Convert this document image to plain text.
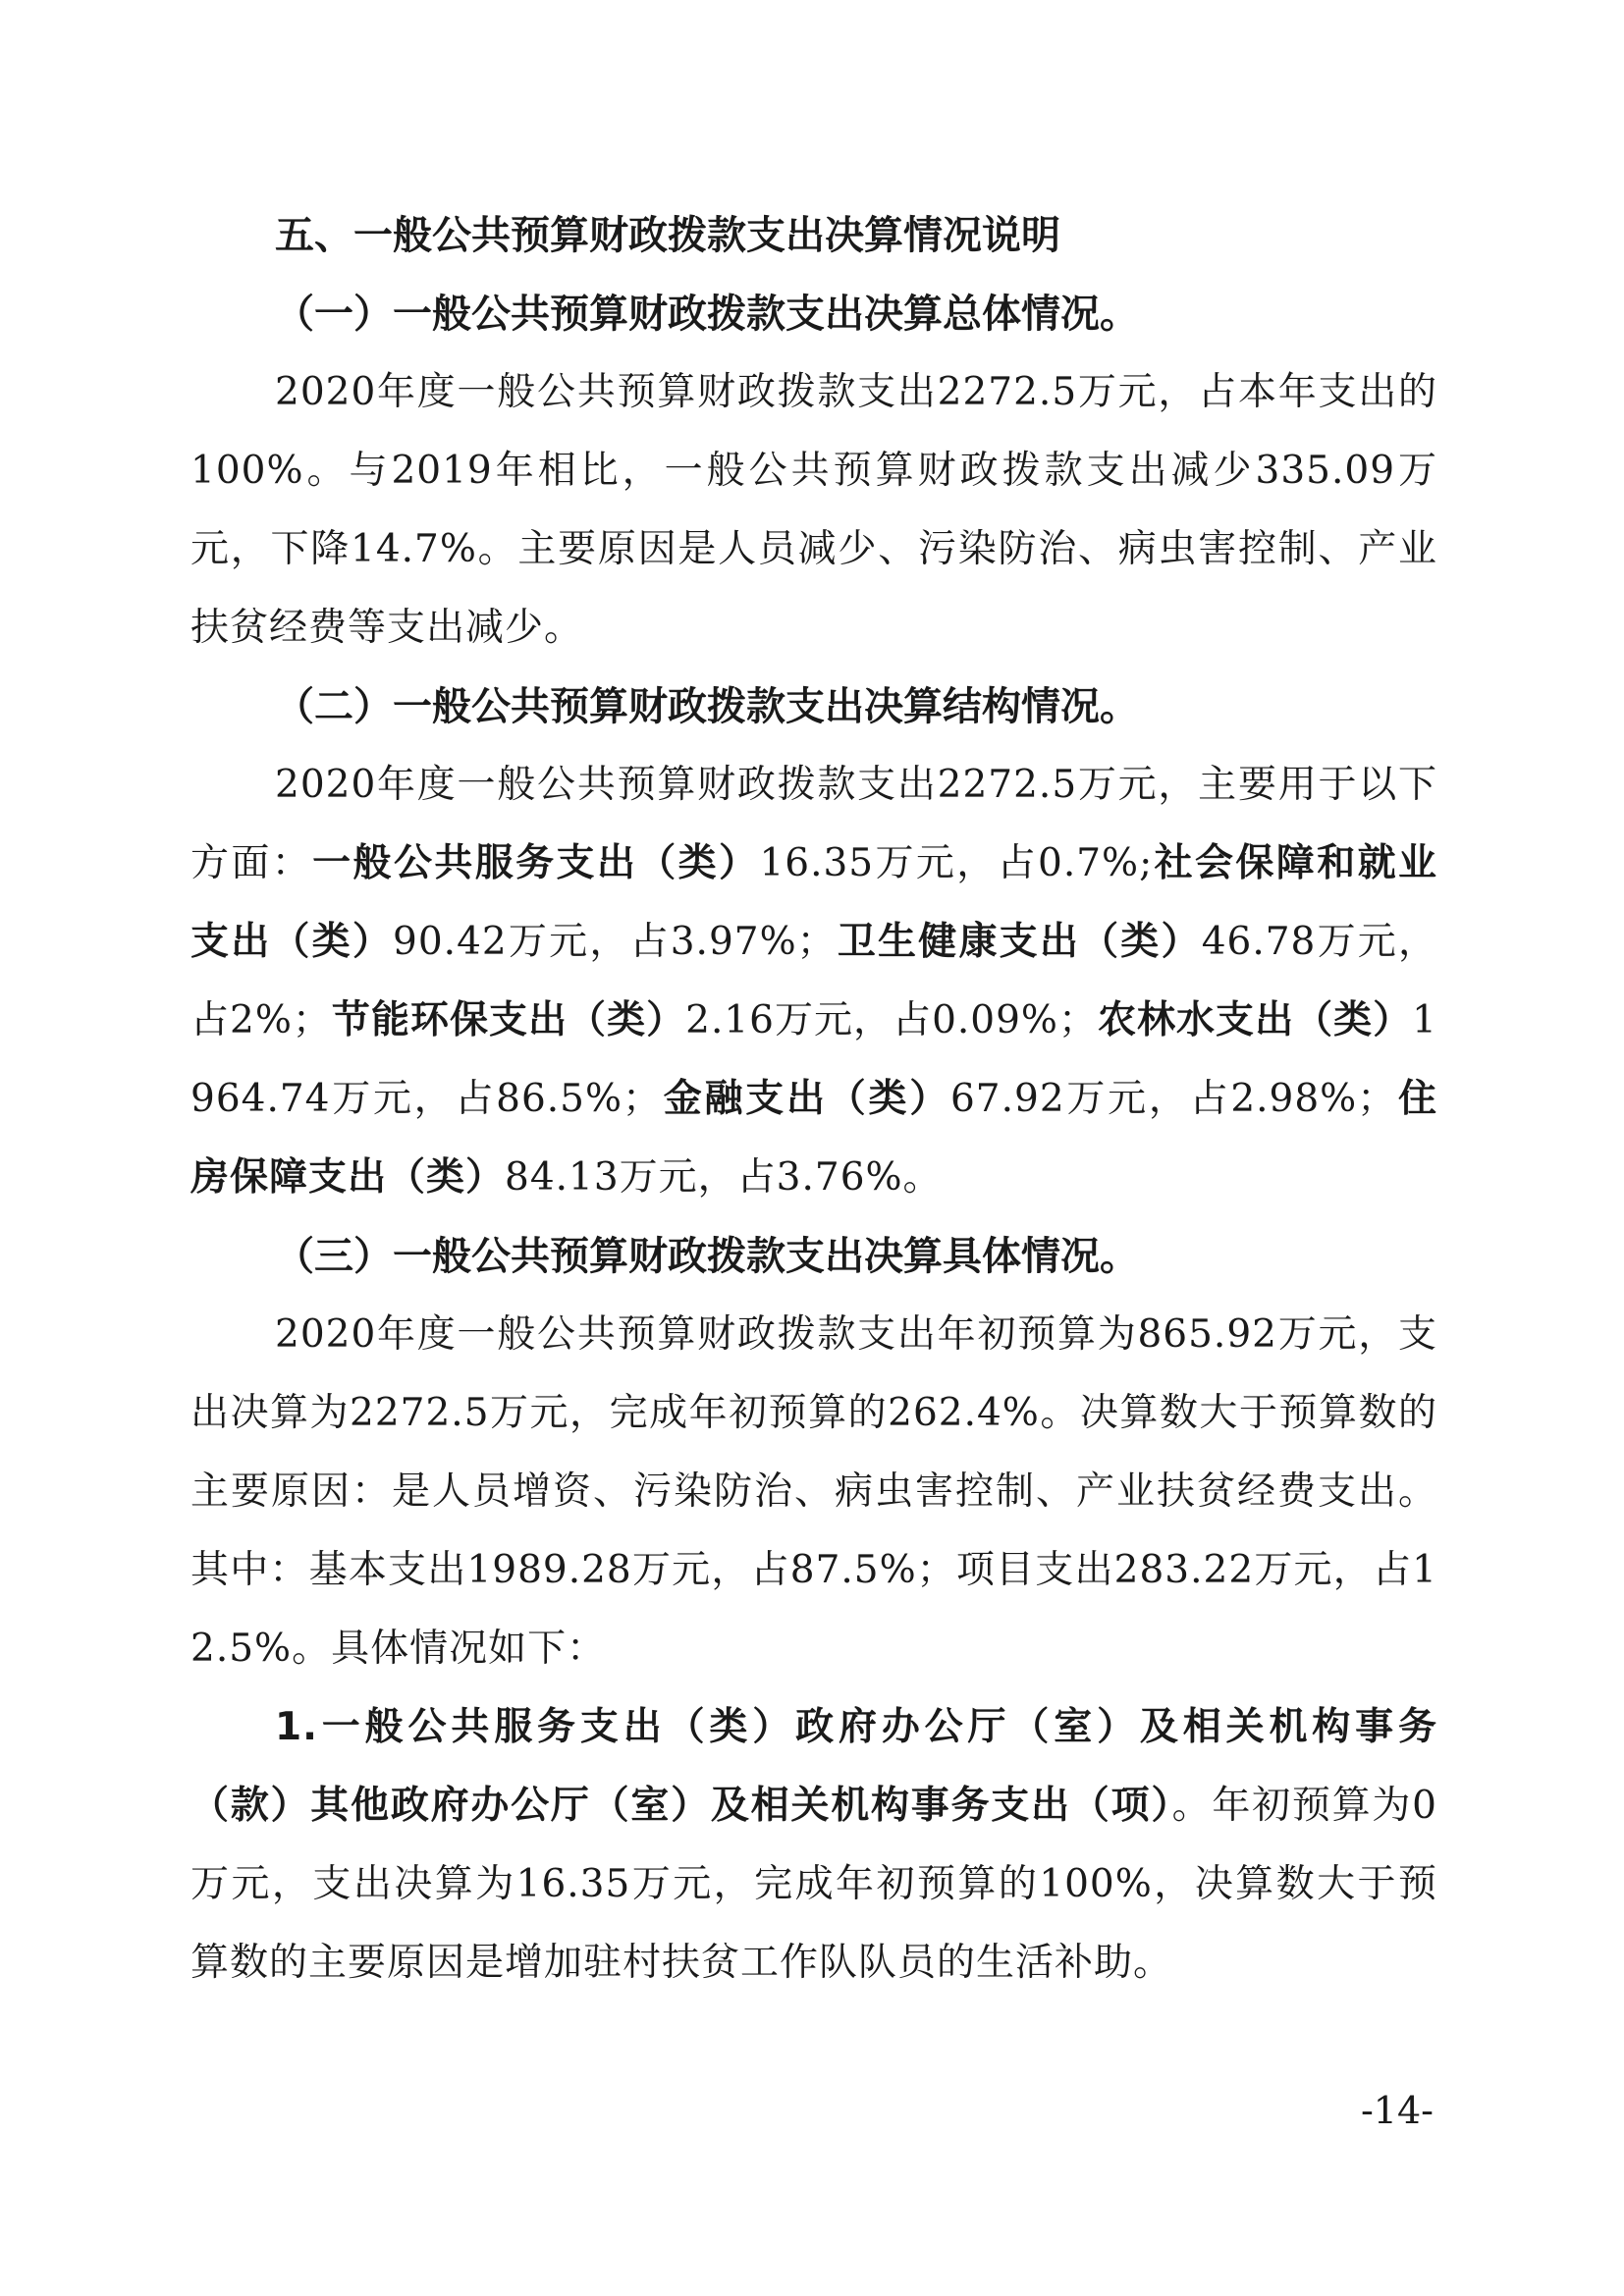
五、一般公共预算财政拨款支出决算情况说明

（一）一般公共预算财政拨款支出决算总体情况。

2020年度一般公共预算财政拨款支出2272.5万元，占本年支出的100%。与2019年相比，一般公共预算财政拨款支出减少335.09万元，下降14.7%。主要原因是人员减少、污染防治、病虫害控制、产业扶贫经费等支出减少。

（二）一般公共预算财政拨款支出决算结构情况。

2020年度一般公共预算财政拨款支出2272.5万元，主要用于以下方面：一般公共服务支出（类）16.35万元，占0.7%;社会保障和就业支出（类）90.42万元，占3.97%；卫生健康支出（类）46.78万元，占2%；节能环保支出（类）2.16万元，占0.09%；农林水支出（类）1964.74万元，占86.5%；金融支出（类）67.92万元，占2.98%；住房保障支出（类）84.13万元，占3.76%。

（三）一般公共预算财政拨款支出决算具体情况。

2020年度一般公共预算财政拨款支出年初预算为865.92万元，支出决算为2272.5万元，完成年初预算的262.4%。决算数大于预算数的主要原因：是人员增资、污染防治、病虫害控制、产业扶贫经费支出。其中：基本支出1989.28万元，占87.5%；项目支出283.22万元，占12.5%。具体情况如下：

1.一般公共服务支出（类）政府办公厅（室）及相关机构事务（款）其他政府办公厅（室）及相关机构事务支出（项）。年初预算为0万元，支出决算为16.35万元，完成年初预算的100%，决算数大于预算数的主要原因是增加驻村扶贫工作队队员的生活补助。

-14-
